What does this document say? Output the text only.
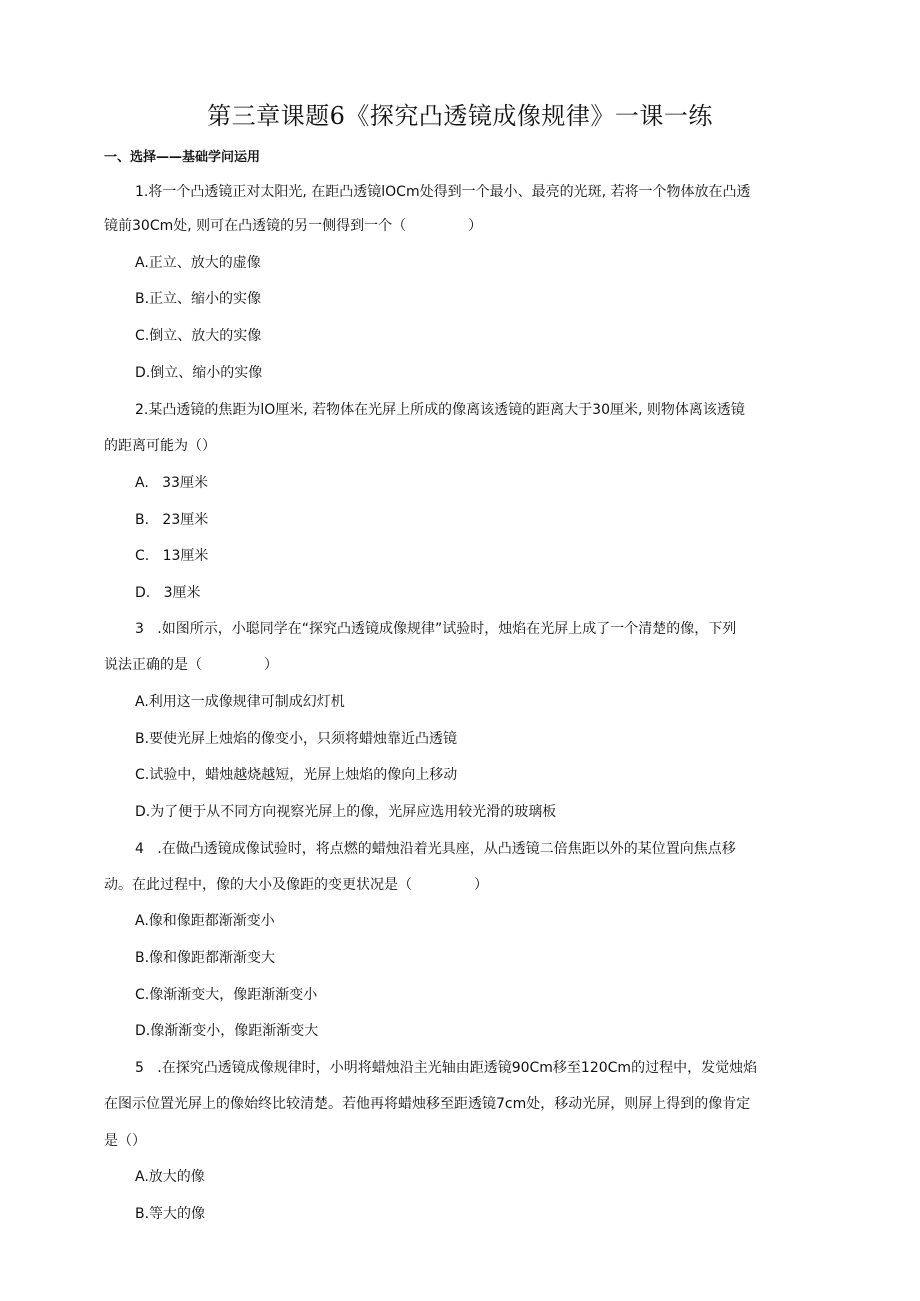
第三章课题6《探究凸透镜成像规律》一课一练
一、选择——基础学问运用
1.将一个凸透镜正对太阳光, 在距凸透镜lOCm处得到一个最小、最亮的光斑, 若将一个物体放在凸透
镜前30Cm处, 则可在凸透镜的另一侧得到一个（	）
A.正立、放大的虚像
B.正立、缩小的实像
C.倒立、放大的实像
D.倒立、缩小的实像
2.某凸透镜的焦距为lO厘米, 若物体在光屏上所成的像离该透镜的距离大于30厘米, 则物体离该透镜
的距离可能为（）
A.   33厘米
B.   23厘米
C.   13厘米
D.   3厘米
3   .如图所示，小聪同学在“探究凸透镜成像规律”试验时，烛焰在光屏上成了一个清楚的像，下列
说法正确的是（	）
A.利用这一成像规律可制成幻灯机
B.要使光屏上烛焰的像变小，只须将蜡烛靠近凸透镜
C.试验中，蜡烛越烧越短，光屏上烛焰的像向上移动
D.为了便于从不同方向视察光屏上的像，光屏应选用较光滑的玻璃板
4   .在做凸透镜成像试验时，将点燃的蜡烛沿着光具座，从凸透镜二倍焦距以外的某位置向焦点移
动。在此过程中，像的大小及像距的变更状况是（	）
A.像和像距都渐渐变小
B.像和像距都渐渐变大
C.像渐渐变大，像距渐渐变小
D.像渐渐变小，像距渐渐变大
5   .在探究凸透镜成像规律时，小明将蜡烛沿主光轴由距透镜90Cm移至120Cm的过程中，发觉烛焰
在图示位置光屏上的像始终比较清楚。若他再将蜡烛移至距透镜7cm处，移动光屏，则屏上得到的像肯定
是（）
A.放大的像
B.等大的像
